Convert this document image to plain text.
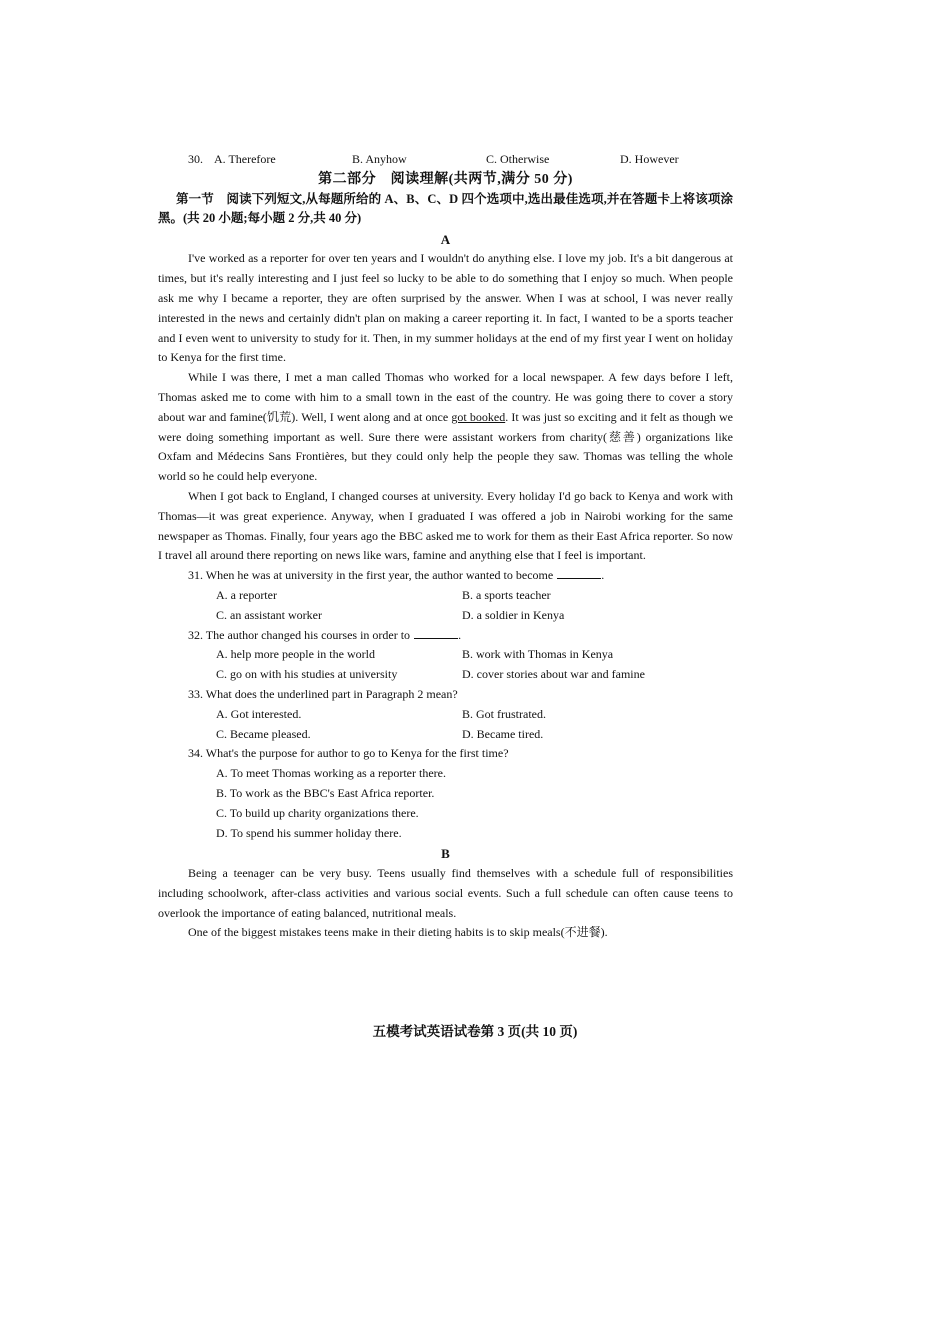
30. A. Therefore	B. Anyhow	C. Otherwise	D. However
第二部分　阅读理解(共两节,满分 50 分)

第一节　阅读下列短文,从每题所给的 A、B、C、D 四个选项中,选出最佳选项,并在答题卡上将该项涂黑。(共 20 小题;每小题 2 分,共 40 分)

A

I've worked as a reporter for over ten years and I wouldn't do anything else. I love my job. It's a bit dangerous at times, but it's really interesting and I just feel so lucky to be able to do something that I enjoy so much. When people ask me why I became a reporter, they are often surprised by the answer. When I was at school, I was never really interested in the news and certainly didn't plan on making a career reporting it. In fact, I wanted to be a sports teacher and I even went to university to study for it. Then, in my summer holidays at the end of my first year I went on holiday to Kenya for the first time.

While I was there, I met a man called Thomas who worked for a local newspaper. A few days before I left, Thomas asked me to come with him to a small town in the east of the country. He was going there to cover a story about war and famine(饥荒). Well, I went along and at once got booked. It was just so exciting and it felt as though we were doing something important as well. Sure there were assistant workers from charity(慈善) organizations like Oxfam and Médecins Sans Frontières, but they could only help the people they saw. Thomas was telling the whole world so he could help everyone.

When I got back to England, I changed courses at university. Every holiday I'd go back to Kenya and work with Thomas—it was great experience. Anyway, when I graduated I was offered a job in Nairobi working for the same newspaper as Thomas. Finally, four years ago the BBC asked me to work for them as their East Africa reporter. So now I travel all around there reporting on news like wars, famine and anything else that I feel is important.

31. When he was at university in the first year, the author wanted to become	.
A. a reporter	B. a sports teacher
C. an assistant worker	D. a soldier in Kenya
32. The author changed his courses in order to	.
A. help more people in the world	B. work with Thomas in Kenya
C. go on with his studies at university	D. cover stories about war and famine
33. What does the underlined part in Paragraph 2 mean?
A. Got interested.	B. Got frustrated.
C. Became pleased.	D. Became tired.
34. What's the purpose for author to go to Kenya for the first time?
A. To meet Thomas working as a reporter there.
B. To work as the BBC's East Africa reporter.
C. To build up charity organizations there.
D. To spend his summer holiday there.
B

Being a teenager can be very busy. Teens usually find themselves with a schedule full of responsibilities including schoolwork, after-class activities and various social events. Such a full schedule can often cause teens to overlook the importance of eating balanced, nutritional meals.

One of the biggest mistakes teens make in their dieting habits is to skip meals(不进餐).

五模考试英语试卷第 3 页(共 10 页)
